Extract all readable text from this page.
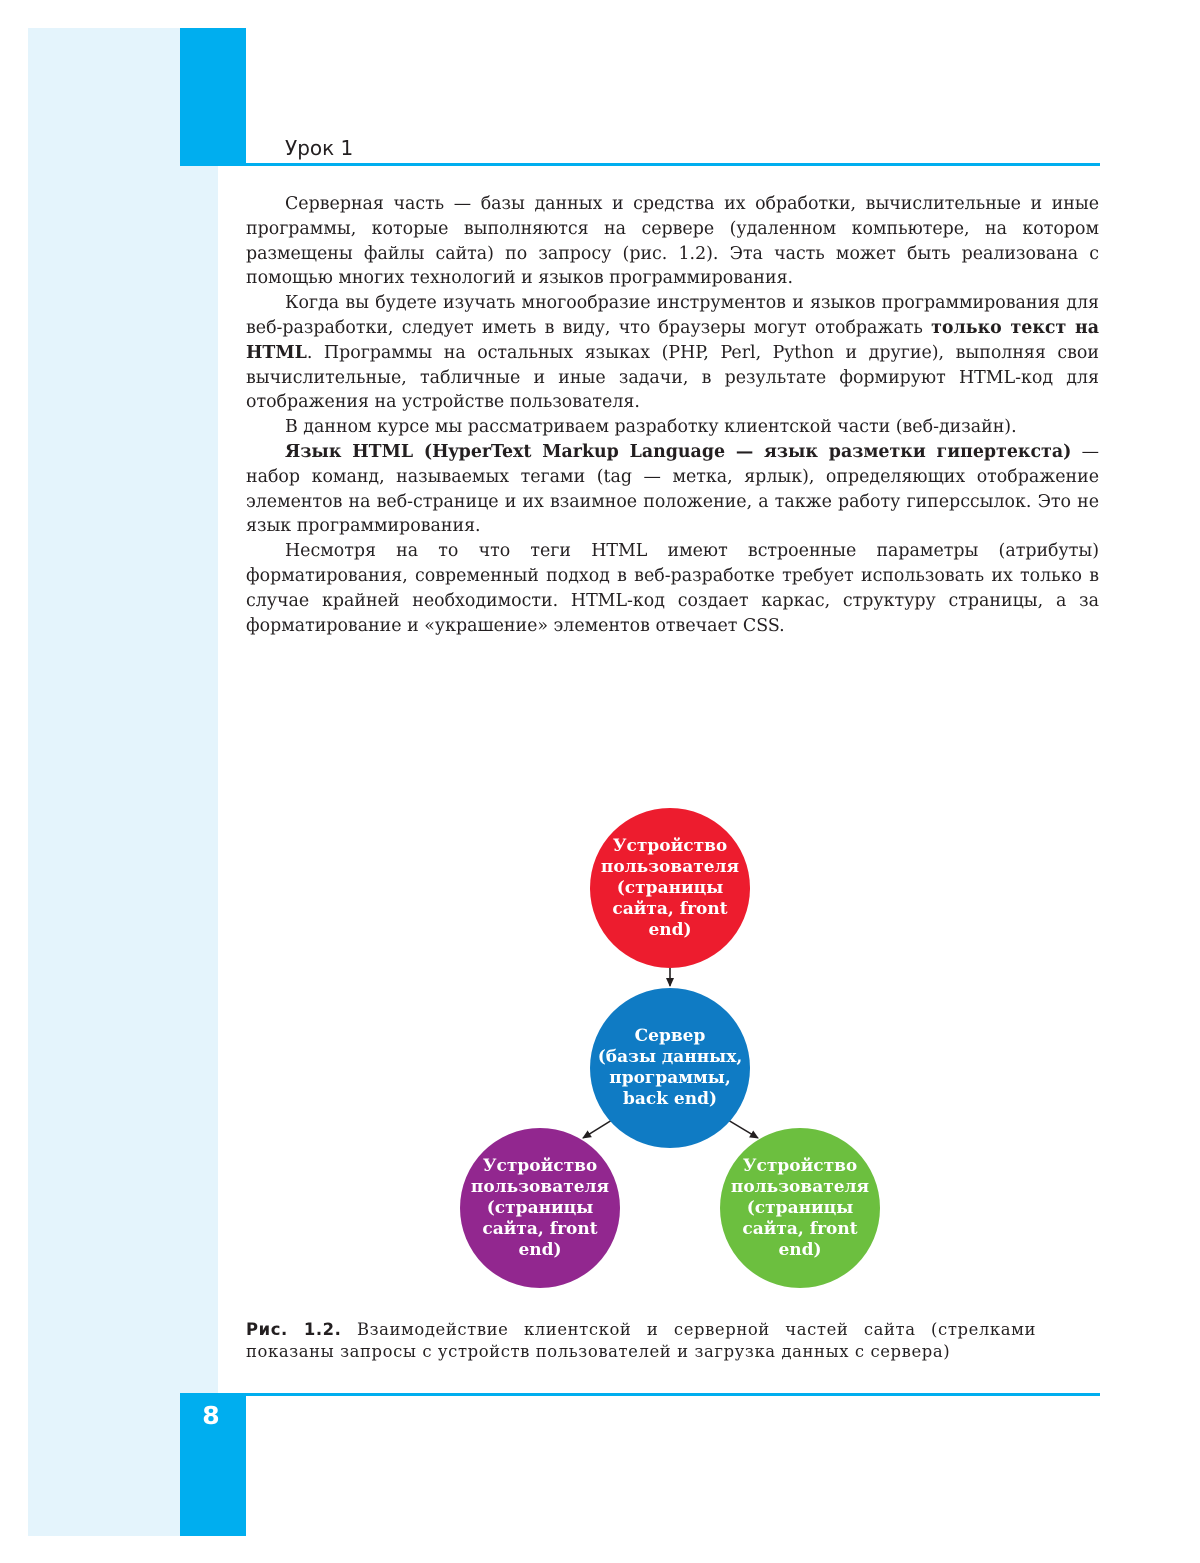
Урок 1

Серверная часть — базы данных и средства их обработки, вычислительные и иные программы, которые выполняются на сервере (удаленном компьютере, на котором размещены файлы сайта) по запросу (рис. 1.2). Эта часть может быть реализована с помощью многих технологий и языков программирования.

Когда вы будете изучать многообразие инструментов и языков программирования для веб-разработки, следует иметь в виду, что браузеры могут отображать только текст на HTML. Программы на остальных языках (PHP, Perl, Python и другие), выполняя свои вычислительные, табличные и иные задачи, в результате формируют HTML-код для отображения на устройстве пользователя.

В данном курсе мы рассматриваем разработку клиентской части (веб-дизайн).

Язык HTML (HyperText Markup Language — язык разметки гипертекста) — набор команд, называемых тегами (tag — метка, ярлык), определяющих отображение элементов на веб-странице и их взаимное положение, а также работу гиперссылок. Это не язык программирования.

Несмотря на то что теги HTML имеют встроенные параметры (атрибуты) форматирования, современный подход в веб-разработке требует использовать их только в случае крайней необходимости. HTML-код создает каркас, структуру страницы, а за форматирование и «украшение» элементов отвечает CSS.

Устройство
пользователя
(страницы
сайта, front
end)
Сервер
(базы данных,
программы,
back end)
Устройство
пользователя
(страницы
сайта, front
end)
Устройство
пользователя
(страницы
сайта, front
end)
Рис. 1.2. Взаимодействие клиентской и серверной частей сайта (стрелками показаны запросы с устройств пользователей и загрузка данных с сервера)
8
